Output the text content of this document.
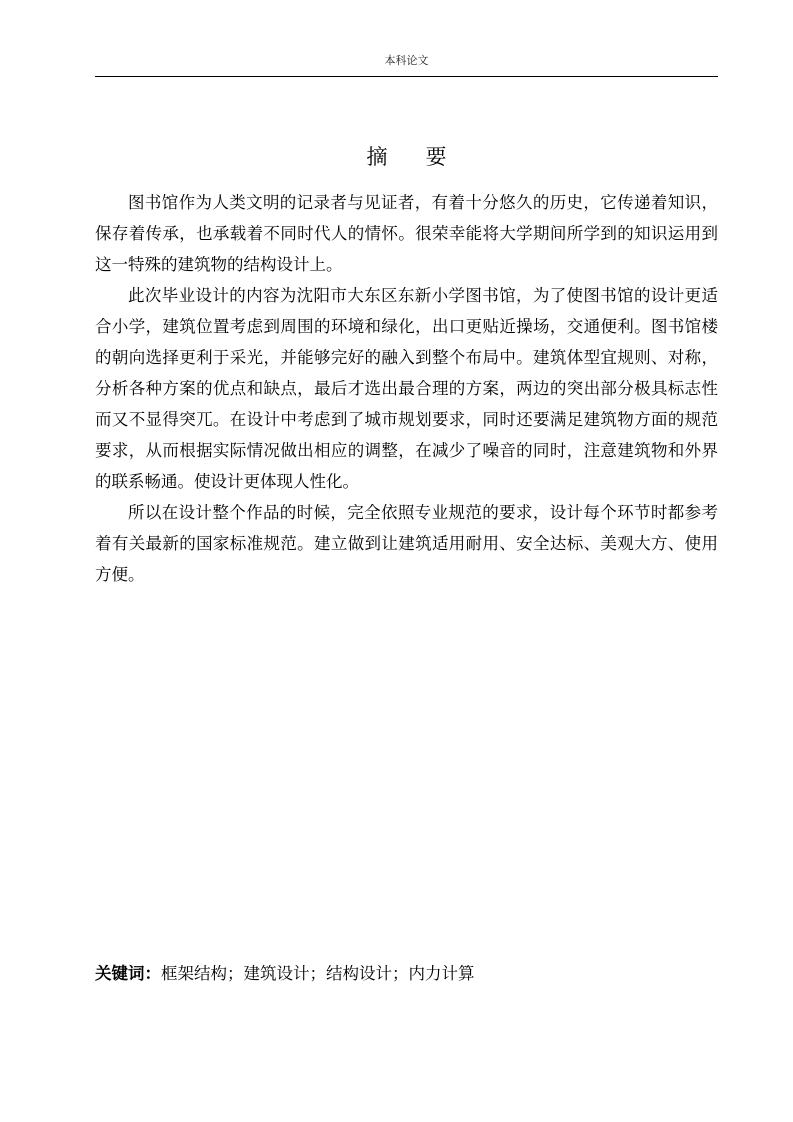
本科论文
摘要

图书馆作为人类文明的记录者与见证者，有着十分悠久的历史，它传递着知识，保存着传承，也承载着不同时代人的情怀。很荣幸能将大学期间所学到的知识运用到这一特殊的建筑物的结构设计上。

此次毕业设计的内容为沈阳市大东区东新小学图书馆，为了使图书馆的设计更适合小学，建筑位置考虑到周围的环境和绿化，出口更贴近操场，交通便利。图书馆楼的朝向选择更利于采光，并能够完好的融入到整个布局中。建筑体型宜规则、对称，分析各种方案的优点和缺点，最后才选出最合理的方案，两边的突出部分极具标志性而又不显得突兀。在设计中考虑到了城市规划要求，同时还要满足建筑物方面的规范要求，从而根据实际情况做出相应的调整，在减少了噪音的同时，注意建筑物和外界的联系畅通。使设计更体现人性化。

所以在设计整个作品的时候，完全依照专业规范的要求，设计每个环节时都参考着有关最新的国家标准规范。建立做到让建筑适用耐用、安全达标、美观大方、使用方便。

关键词：框架结构；建筑设计；结构设计；内力计算
